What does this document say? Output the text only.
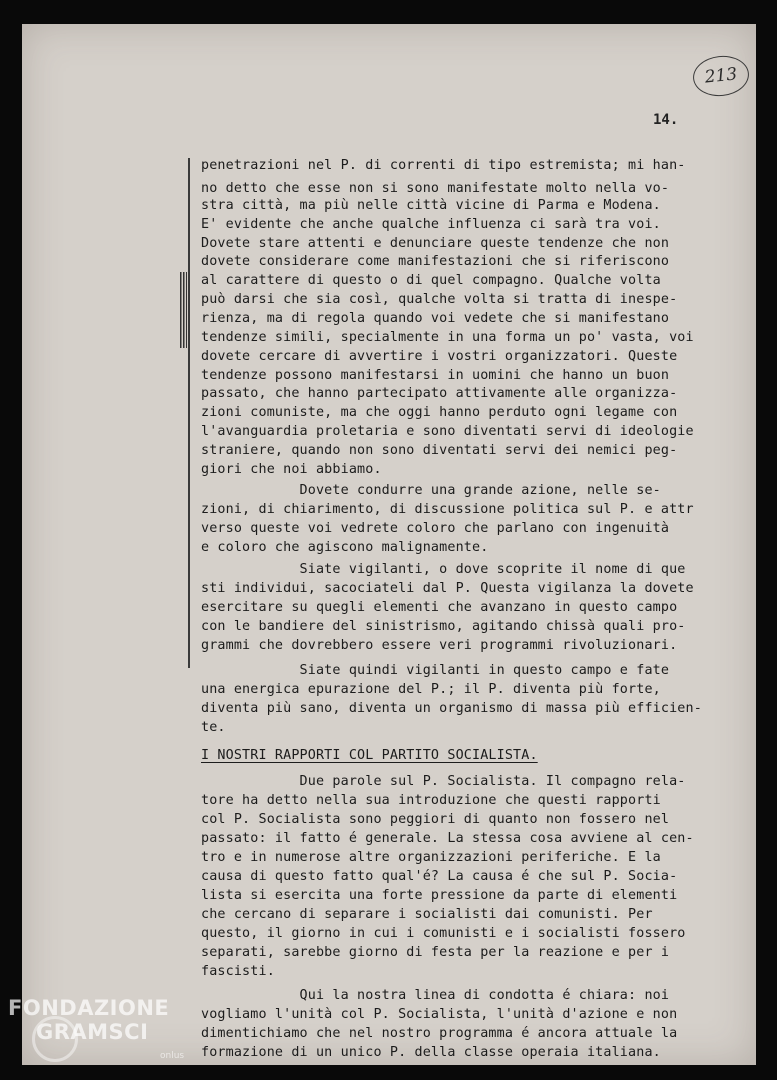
213
14.
penetrazioni nel P. di correnti di tipo estremista; mi han-
no detto che esse non si sono manifestate molto nella vo-
stra città, ma più nelle città vicine di Parma e Modena.
E' evidente che anche qualche influenza ci sarà tra voi.
Dovete stare attenti e denunciare queste tendenze che non
dovete considerare come manifestazioni che si riferiscono
al carattere di questo o di quel compagno. Qualche volta
può darsi che sia così, qualche volta si tratta di inespe-
rienza, ma di regola quando voi vedete che si manifestano
tendenze simili, specialmente in una forma un po' vasta, voi
dovete cercare di avvertire i vostri organizzatori. Queste
tendenze possono manifestarsi in uomini che hanno un buon
passato, che hanno partecipato attivamente alle organizza-
zioni comuniste, ma che oggi hanno perduto ogni legame con
l'avanguardia proletaria e sono diventati servi di ideologie
straniere, quando non sono diventati servi dei nemici peg-
giori che noi abbiamo.
Dovete condurre una grande azione, nelle se-
zioni, di chiarimento, di discussione politica sul P. e attr
verso queste voi vedrete coloro che parlano con ingenuità
e coloro che agiscono malignamente.
Siate vigilanti, o dove scoprite il nome di que
sti individui, sacociateli dal P. Questa vigilanza la dovete
esercitare su quegli elementi che avanzano in questo campo
con le bandiere del sinistrismo, agitando chissà quali pro-
grammi che dovrebbero essere veri programmi rivoluzionari.
Siate quindi vigilanti in questo campo e fate
una energica epurazione del P.; il P. diventa più forte,
diventa più sano, diventa un organismo di massa più efficien-
te.
I NOSTRI RAPPORTI COL PARTITO SOCIALISTA.
Due parole sul P. Socialista. Il compagno rela-
tore ha detto nella sua introduzione che questi rapporti
col P. Socialista sono peggiori di quanto non fossero nel
passato: il fatto é generale. La stessa cosa avviene al cen-
tro e in numerose altre organizzazioni periferiche. E la
causa di questo fatto qual'é? La causa é che sul P. Socia-
lista si esercita una forte pressione da parte di elementi
che cercano di separare i socialisti dai comunisti. Per
questo, il giorno in cui i comunisti e i socialisti fossero
separati, sarebbe giorno di festa per la reazione e per i
fascisti.
Qui la nostra linea di condotta é chiara: noi
vogliamo l'unità col P. Socialista, l'unità d'azione e non
dimentichiamo che nel nostro programma é ancora attuale la
formazione di un unico P. della classe operaia italiana.
FONDAZIONE
GRAMSCI
onlus
